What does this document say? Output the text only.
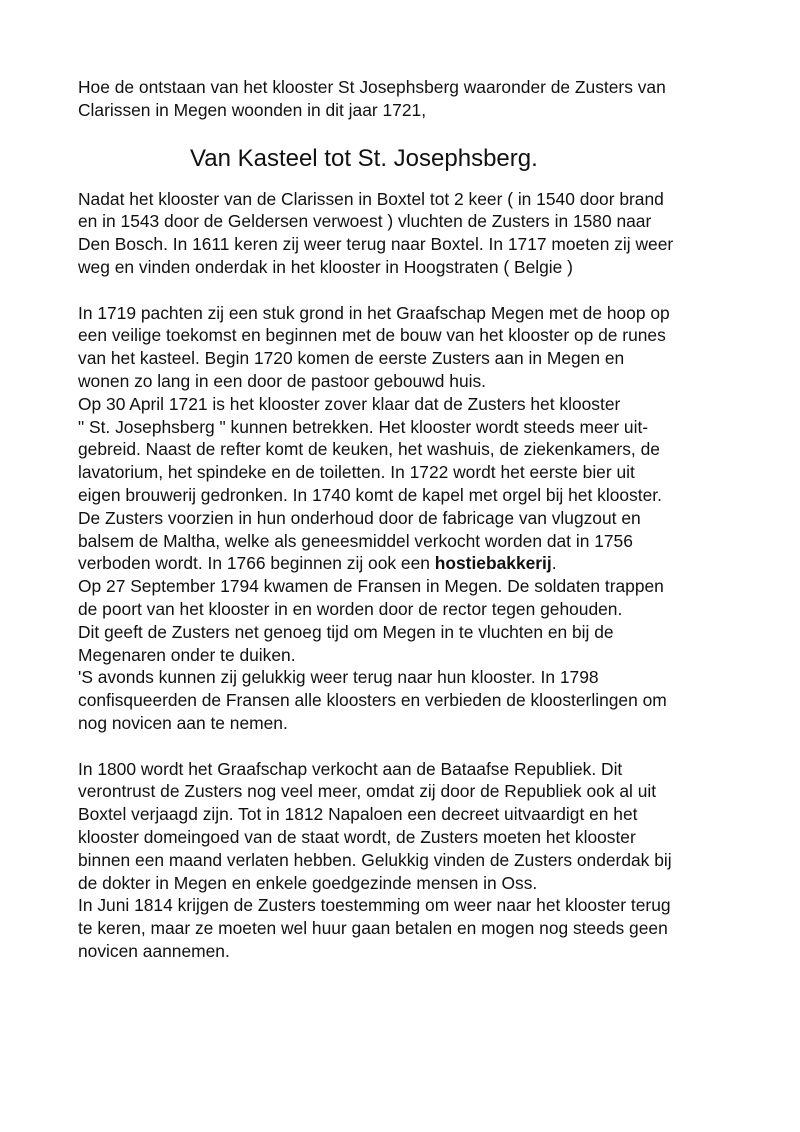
Hoe de ontstaan van het klooster St Josephsberg waaronder de Zusters van
Clarissen in Megen woonden in dit jaar 1721,

Van Kasteel tot St. Josephsberg.

Nadat het klooster van de Clarissen in Boxtel tot 2 keer ( in 1540 door brand
en in 1543 door de Geldersen verwoest ) vluchten de Zusters in 1580 naar
Den Bosch. In 1611 keren zij weer terug naar Boxtel. In 1717 moeten zij weer
weg en vinden onderdak in het klooster in Hoogstraten ( Belgie )

In 1719 pachten zij een stuk grond in het Graafschap Megen met de hoop op
een veilige toekomst en beginnen met de bouw van het klooster op de runes
van het kasteel. Begin 1720 komen de eerste Zusters aan in Megen en
wonen zo lang in een door de pastoor gebouwd huis.
Op 30 April 1721 is het klooster zover klaar dat de Zusters het klooster
" St. Josephsberg " kunnen betrekken. Het klooster wordt steeds meer uit-
gebreid. Naast de refter komt de keuken, het washuis, de ziekenkamers, de
lavatorium, het spindeke en de toiletten. In 1722 wordt het eerste bier uit
eigen brouwerij gedronken. In 1740 komt de kapel met orgel bij het klooster.
De Zusters voorzien in hun onderhoud door de fabricage van vlugzout en
balsem de Maltha, welke als geneesmiddel verkocht worden dat in 1756
verboden wordt. In 1766 beginnen zij ook een hostiebakkerij.
Op 27 September 1794 kwamen de Fransen in Megen. De soldaten trappen
de poort van het klooster in en worden door de rector tegen gehouden.
Dit geeft de Zusters net genoeg tijd om Megen in te vluchten en bij de
Megenaren onder te duiken.
'S avonds kunnen zij gelukkig weer terug naar hun klooster. In 1798
confisqueerden de Fransen alle kloosters en verbieden de kloosterlingen om
nog novicen aan te nemen.

In 1800 wordt het Graafschap verkocht aan de Bataafse Republiek. Dit
verontrust de Zusters nog veel meer, omdat zij door de Republiek ook al uit
Boxtel verjaagd zijn. Tot in 1812 Napaloen een decreet uitvaardigt en het
klooster domeingoed van de staat wordt, de Zusters moeten het klooster
binnen een maand verlaten hebben. Gelukkig vinden de Zusters onderdak bij
de dokter in Megen en enkele goedgezinde mensen in Oss.
In Juni 1814 krijgen de Zusters toestemming om weer naar het klooster terug
te keren, maar ze moeten wel huur gaan betalen en mogen nog steeds geen
novicen aannemen.
